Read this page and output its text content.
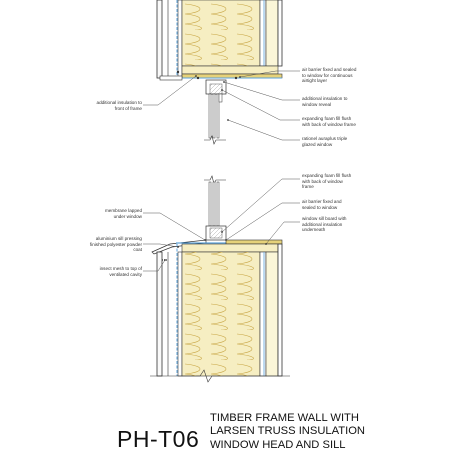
air barrier fixed and sealed
to window for continuous
airtight layer
additional insulation to
window reveal
expanding foam fill flush
with back of window frame
rationel auraplus triple
glazed window
expanding foam fill flush
with back of window
frame
air barrier fixed and
sealed to window
window sill board with
additional insulation
underneath
additional insulation to
front of frame
membrane lapped
under window
aluminium sill pressing
finished polyester powder
coat
insect mesh to top of
ventilated cavity
PH-T06
TIMBER FRAME WALL WITH
LARSEN TRUSS INSULATION
WINDOW HEAD AND SILL
